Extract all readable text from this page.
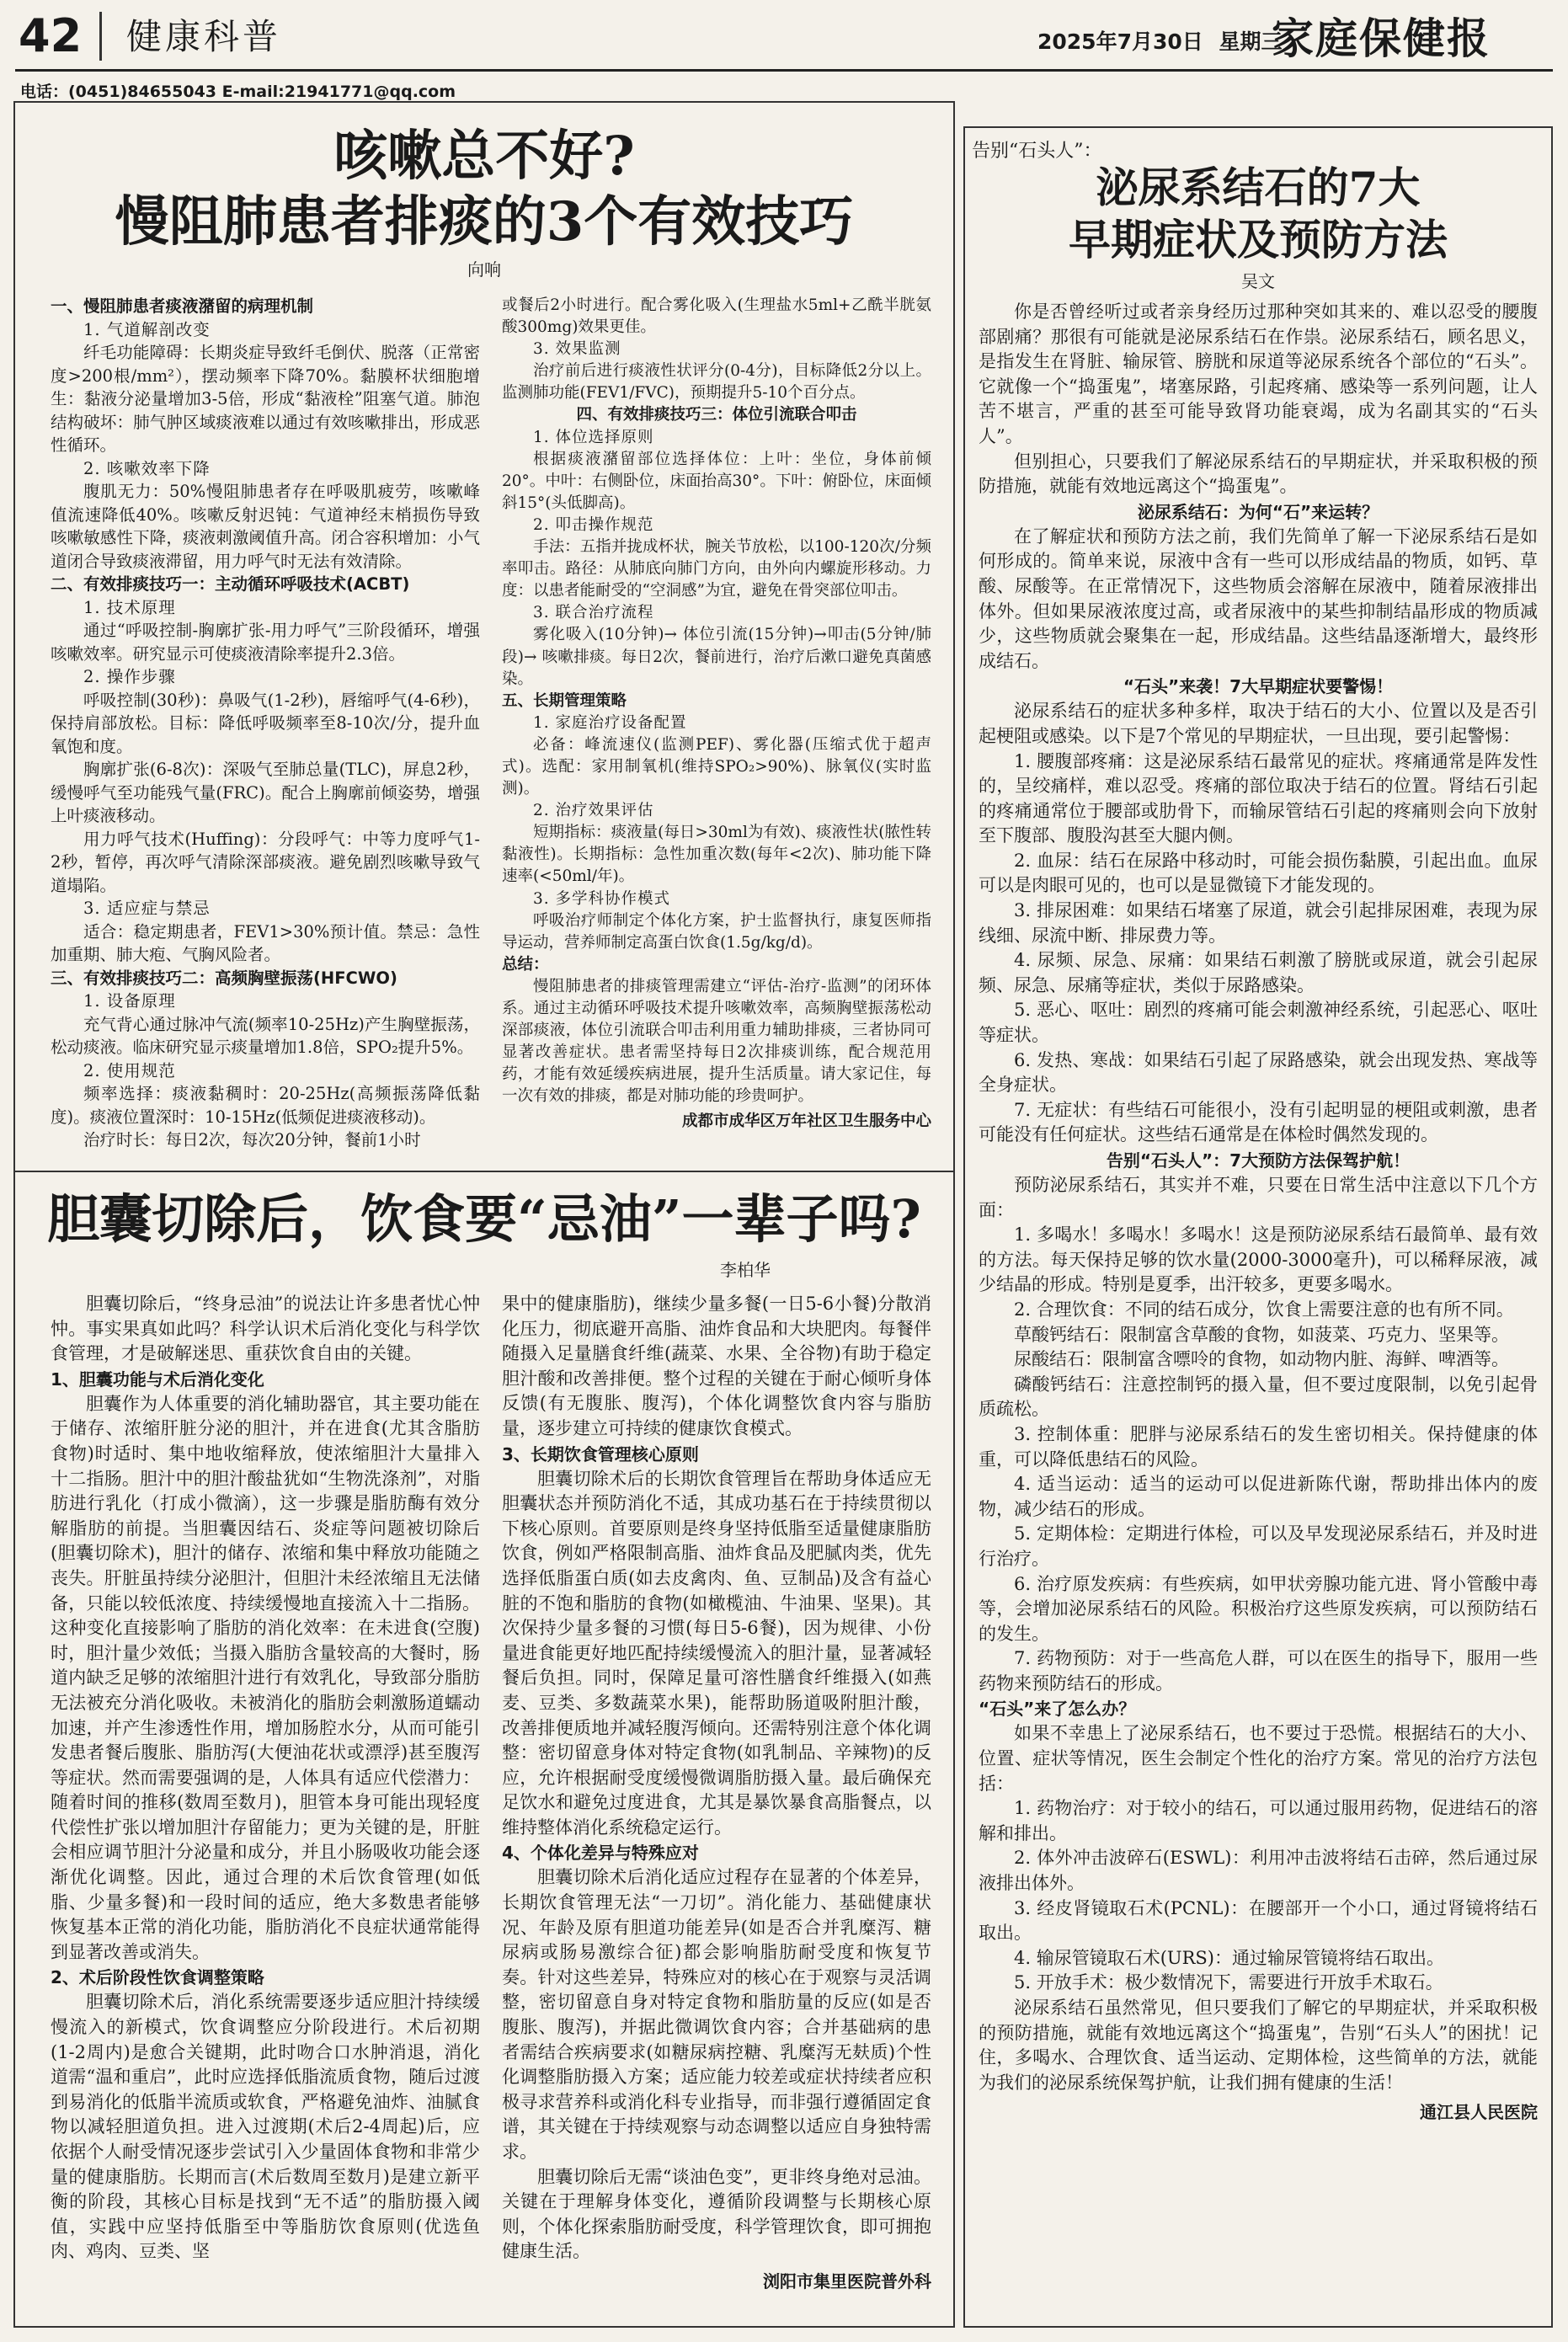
42 健康科普	2025年7月30日 星期三
家庭保健报
电话：(0451)84655043 E-mail:21941771@qq.com
咳嗽总不好?
慢阻肺患者排痰的3个有效技巧
向响

一、慢阻肺患者痰液潴留的病理机制

1. 气道解剖改变

纤毛功能障碍：长期炎症导致纤毛倒伏、脱落（正常密度>200根/mm²），摆动频率下降70%。黏膜杯状细胞增生：黏液分泌量增加3-5倍，形成“黏液栓”阻塞气道。肺泡结构破坏：肺气肿区域痰液难以通过有效咳嗽排出，形成恶性循环。

2. 咳嗽效率下降

腹肌无力：50%慢阻肺患者存在呼吸肌疲劳，咳嗽峰值流速降低40%。咳嗽反射迟钝：气道神经末梢损伤导致咳嗽敏感性下降，痰液刺激阈值升高。闭合容积增加：小气道闭合导致痰液滞留，用力呼气时无法有效清除。

二、有效排痰技巧一：主动循环呼吸技术(ACBT)

1. 技术原理

通过“呼吸控制-胸廓扩张-用力呼气”三阶段循环，增强咳嗽效率。研究显示可使痰液清除率提升2.3倍。

2. 操作步骤

呼吸控制(30秒)：鼻吸气(1-2秒)，唇缩呼气(4-6秒)，保持肩部放松。目标：降低呼吸频率至8-10次/分，提升血氧饱和度。

胸廓扩张(6-8次)：深吸气至肺总量(TLC)，屏息2秒，缓慢呼气至功能残气量(FRC)。配合上胸廓前倾姿势，增强上叶痰液移动。

用力呼气技术(Huffing)：分段呼气：中等力度呼气1-2秒，暂停，再次呼气清除深部痰液。避免剧烈咳嗽导致气道塌陷。

3. 适应症与禁忌

适合：稳定期患者，FEV1>30%预计值。禁忌：急性加重期、肺大疱、气胸风险者。

三、有效排痰技巧二：高频胸壁振荡(HFCWO)

1. 设备原理

充气背心通过脉冲气流(频率10-25Hz)产生胸壁振荡，松动痰液。临床研究显示痰量增加1.8倍，SPO₂提升5%。

2. 使用规范

频率选择：痰液黏稠时：20-25Hz(高频振荡降低黏度)。痰液位置深时：10-15Hz(低频促进痰液移动)。

治疗时长：每日2次，每次20分钟，餐前1小时

或餐后2小时进行。配合雾化吸入(生理盐水5ml+乙酰半胱氨酸300mg)效果更佳。

3. 效果监测

治疗前后进行痰液性状评分(0-4分)，目标降低2分以上。监测肺功能(FEV1/FVC)，预期提升5-10个百分点。

四、有效排痰技巧三：体位引流联合叩击

1. 体位选择原则

根据痰液潴留部位选择体位：上叶：坐位，身体前倾20°。中叶：右侧卧位，床面抬高30°。下叶：俯卧位，床面倾斜15°(头低脚高)。

2. 叩击操作规范

手法：五指并拢成杯状，腕关节放松，以100-120次/分频率叩击。路径：从肺底向肺门方向，由外向内螺旋形移动。力度：以患者能耐受的“空洞感”为宜，避免在骨突部位叩击。

3. 联合治疗流程

雾化吸入(10分钟)→ 体位引流(15分钟)→叩击(5分钟/肺段)→ 咳嗽排痰。每日2次，餐前进行，治疗后漱口避免真菌感染。

五、长期管理策略

1. 家庭治疗设备配置

必备：峰流速仪(监测PEF)、雾化器(压缩式优于超声式)。选配：家用制氧机(维持SPO₂>90%)、脉氧仪(实时监测)。

2. 治疗效果评估

短期指标：痰液量(每日>30ml为有效)、痰液性状(脓性转黏液性)。长期指标：急性加重次数(每年<2次)、肺功能下降速率(<50ml/年)。

3. 多学科协作模式

呼吸治疗师制定个体化方案，护士监督执行，康复医师指导运动，营养师制定高蛋白饮食(1.5g/kg/d)。

总结：

慢阻肺患者的排痰管理需建立“评估-治疗-监测”的闭环体系。通过主动循环呼吸技术提升咳嗽效率，高频胸壁振荡松动深部痰液，体位引流联合叩击利用重力辅助排痰，三者协同可显著改善症状。患者需坚持每日2次排痰训练，配合规范用药，才能有效延缓疾病进展，提升生活质量。请大家记住，每一次有效的排痰，都是对肺功能的珍贵呵护。

成都市成华区万年社区卫生服务中心

胆囊切除后，饮食要“忌油”一辈子吗?
李柏华

胆囊切除后，“终身忌油”的说法让许多患者忧心忡忡。事实果真如此吗？科学认识术后消化变化与科学饮食管理，才是破解迷思、重获饮食自由的关键。

1、胆囊功能与术后消化变化

胆囊作为人体重要的消化辅助器官，其主要功能在于储存、浓缩肝脏分泌的胆汁，并在进食(尤其含脂肪食物)时适时、集中地收缩释放，使浓缩胆汁大量排入十二指肠。胆汁中的胆汁酸盐犹如“生物洗涤剂”，对脂肪进行乳化（打成小微滴），这一步骤是脂肪酶有效分解脂肪的前提。当胆囊因结石、炎症等问题被切除后(胆囊切除术)，胆汁的储存、浓缩和集中释放功能随之丧失。肝脏虽持续分泌胆汁，但胆汁未经浓缩且无法储备，只能以较低浓度、持续缓慢地直接流入十二指肠。这种变化直接影响了脂肪的消化效率：在未进食(空腹)时，胆汁量少效低；当摄入脂肪含量较高的大餐时，肠道内缺乏足够的浓缩胆汁进行有效乳化，导致部分脂肪无法被充分消化吸收。未被消化的脂肪会刺激肠道蠕动加速，并产生渗透性作用，增加肠腔水分，从而可能引发患者餐后腹胀、脂肪泻(大便油花状或漂浮)甚至腹泻等症状。然而需要强调的是，人体具有适应代偿潜力：随着时间的推移(数周至数月)，胆管本身可能出现轻度代偿性扩张以增加胆汁存留能力；更为关键的是，肝脏会相应调节胆汁分泌量和成分，并且小肠吸收功能会逐渐优化调整。因此，通过合理的术后饮食管理(如低脂、少量多餐)和一段时间的适应，绝大多数患者能够恢复基本正常的消化功能，脂肪消化不良症状通常能得到显著改善或消失。

2、术后阶段性饮食调整策略

胆囊切除术后，消化系统需要逐步适应胆汁持续缓慢流入的新模式，饮食调整应分阶段进行。术后初期(1-2周内)是愈合关键期，此时吻合口水肿消退，消化道需“温和重启”，此时应选择低脂流质食物，随后过渡到易消化的低脂半流质或软食，严格避免油炸、油腻食物以减轻胆道负担。进入过渡期(术后2-4周起)后，应依据个人耐受情况逐步尝试引入少量固体食物和非常少量的健康脂肪。长期而言(术后数周至数月)是建立新平衡的阶段，其核心目标是找到“无不适”的脂肪摄入阈值，实践中应坚持低脂至中等脂肪饮食原则(优选鱼肉、鸡肉、豆类、坚

果中的健康脂肪)，继续少量多餐(一日5-6小餐)分散消化压力，彻底避开高脂、油炸食品和大块肥肉。每餐伴随摄入足量膳食纤维(蔬菜、水果、全谷物)有助于稳定胆汁酸和改善排便。整个过程的关键在于耐心倾听身体反馈(有无腹胀、腹泻)，个体化调整饮食内容与脂肪量，逐步建立可持续的健康饮食模式。

3、长期饮食管理核心原则

胆囊切除术后的长期饮食管理旨在帮助身体适应无胆囊状态并预防消化不适，其成功基石在于持续贯彻以下核心原则。首要原则是终身坚持低脂至适量健康脂肪饮食，例如严格限制高脂、油炸食品及肥腻肉类，优先选择低脂蛋白质(如去皮禽肉、鱼、豆制品)及含有益心脏的不饱和脂肪的食物(如橄榄油、牛油果、坚果)。其次保持少量多餐的习惯(每日5-6餐)，因为规律、小份量进食能更好地匹配持续缓慢流入的胆汁量，显著减轻餐后负担。同时，保障足量可溶性膳食纤维摄入(如燕麦、豆类、多数蔬菜水果)，能帮助肠道吸附胆汁酸，改善排便质地并减轻腹泻倾向。还需特别注意个体化调整：密切留意身体对特定食物(如乳制品、辛辣物)的反应，允许根据耐受度缓慢微调脂肪摄入量。最后确保充足饮水和避免过度进食，尤其是暴饮暴食高脂餐点，以维持整体消化系统稳定运行。

4、个体化差异与特殊应对

胆囊切除术后消化适应过程存在显著的个体差异，长期饮食管理无法“一刀切”。消化能力、基础健康状况、年龄及原有胆道功能差异(如是否合并乳糜泻、糖尿病或肠易激综合征)都会影响脂肪耐受度和恢复节奏。针对这些差异，特殊应对的核心在于观察与灵活调整，密切留意自身对特定食物和脂肪量的反应(如是否腹胀、腹泻)，并据此微调饮食内容；合并基础病的患者需结合疾病要求(如糖尿病控糖、乳糜泻无麸质)个性化调整脂肪摄入方案；适应能力较差或症状持续者应积极寻求营养科或消化科专业指导，而非强行遵循固定食谱，其关键在于持续观察与动态调整以适应自身独特需求。

胆囊切除后无需“谈油色变”，更非终身绝对忌油。关键在于理解身体变化，遵循阶段调整与长期核心原则，个体化探索脂肪耐受度，科学管理饮食，即可拥抱健康生活。

浏阳市集里医院普外科

告别“石头人”：
泌尿系结石的7大
早期症状及预防方法
吴文

你是否曾经听过或者亲身经历过那种突如其来的、难以忍受的腰腹部剧痛？那很有可能就是泌尿系结石在作祟。泌尿系结石，顾名思义，是指发生在肾脏、输尿管、膀胱和尿道等泌尿系统各个部位的“石头”。它就像一个“捣蛋鬼”，堵塞尿路，引起疼痛、感染等一系列问题，让人苦不堪言，严重的甚至可能导致肾功能衰竭，成为名副其实的“石头人”。

但别担心，只要我们了解泌尿系结石的早期症状，并采取积极的预防措施，就能有效地远离这个“捣蛋鬼”。

泌尿系结石：为何“石”来运转？

在了解症状和预防方法之前，我们先简单了解一下泌尿系结石是如何形成的。简单来说，尿液中含有一些可以形成结晶的物质，如钙、草酸、尿酸等。在正常情况下，这些物质会溶解在尿液中，随着尿液排出体外。但如果尿液浓度过高，或者尿液中的某些抑制结晶形成的物质减少，这些物质就会聚集在一起，形成结晶。这些结晶逐渐增大，最终形成结石。

“石头”来袭！7大早期症状要警惕！

泌尿系结石的症状多种多样，取决于结石的大小、位置以及是否引起梗阻或感染。以下是7个常见的早期症状，一旦出现，要引起警惕：

1. 腰腹部疼痛：这是泌尿系结石最常见的症状。疼痛通常是阵发性的，呈绞痛样，难以忍受。疼痛的部位取决于结石的位置。肾结石引起的疼痛通常位于腰部或肋骨下，而输尿管结石引起的疼痛则会向下放射至下腹部、腹股沟甚至大腿内侧。

2. 血尿：结石在尿路中移动时，可能会损伤黏膜，引起出血。血尿可以是肉眼可见的，也可以是显微镜下才能发现的。

3. 排尿困难：如果结石堵塞了尿道，就会引起排尿困难，表现为尿线细、尿流中断、排尿费力等。

4. 尿频、尿急、尿痛：如果结石刺激了膀胱或尿道，就会引起尿频、尿急、尿痛等症状，类似于尿路感染。

5. 恶心、呕吐：剧烈的疼痛可能会刺激神经系统，引起恶心、呕吐等症状。

6. 发热、寒战：如果结石引起了尿路感染，就会出现发热、寒战等全身症状。

7. 无症状：有些结石可能很小，没有引起明显的梗阻或刺激，患者可能没有任何症状。这些结石通常是在体检时偶然发现的。

告别“石头人”：7大预防方法保驾护航！

预防泌尿系结石，其实并不难，只要在日常生活中注意以下几个方面：

1. 多喝水！多喝水！多喝水！这是预防泌尿系结石最简单、最有效的方法。每天保持足够的饮水量(2000-3000毫升)，可以稀释尿液，减少结晶的形成。特别是夏季，出汗较多，更要多喝水。

2. 合理饮食：不同的结石成分，饮食上需要注意的也有所不同。

草酸钙结石：限制富含草酸的食物，如菠菜、巧克力、坚果等。

尿酸结石：限制富含嘌呤的食物，如动物内脏、海鲜、啤酒等。

磷酸钙结石：注意控制钙的摄入量，但不要过度限制，以免引起骨质疏松。

3. 控制体重：肥胖与泌尿系结石的发生密切相关。保持健康的体重，可以降低患结石的风险。

4. 适当运动：适当的运动可以促进新陈代谢，帮助排出体内的废物，减少结石的形成。

5. 定期体检：定期进行体检，可以及早发现泌尿系结石，并及时进行治疗。

6. 治疗原发疾病：有些疾病，如甲状旁腺功能亢进、肾小管酸中毒等，会增加泌尿系结石的风险。积极治疗这些原发疾病，可以预防结石的发生。

7. 药物预防：对于一些高危人群，可以在医生的指导下，服用一些药物来预防结石的形成。

“石头”来了怎么办？

如果不幸患上了泌尿系结石，也不要过于恐慌。根据结石的大小、位置、症状等情况，医生会制定个性化的治疗方案。常见的治疗方法包括：

1. 药物治疗：对于较小的结石，可以通过服用药物，促进结石的溶解和排出。

2. 体外冲击波碎石(ESWL)：利用冲击波将结石击碎，然后通过尿液排出体外。

3. 经皮肾镜取石术(PCNL)：在腰部开一个小口，通过肾镜将结石取出。

4. 输尿管镜取石术(URS)：通过输尿管镜将结石取出。

5. 开放手术：极少数情况下，需要进行开放手术取石。

泌尿系结石虽然常见，但只要我们了解它的早期症状，并采取积极的预防措施，就能有效地远离这个“捣蛋鬼”，告别“石头人”的困扰！记住，多喝水、合理饮食、适当运动、定期体检，这些简单的方法，就能为我们的泌尿系统保驾护航，让我们拥有健康的生活！

通江县人民医院
